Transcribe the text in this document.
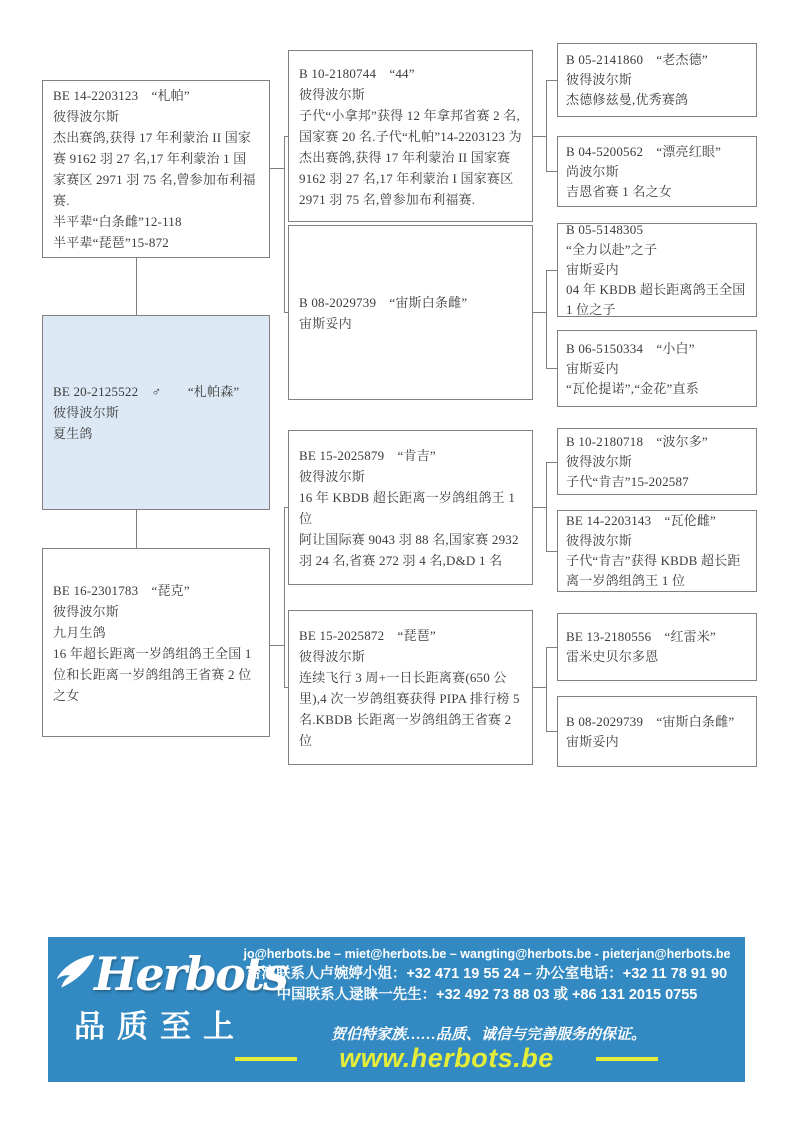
BE 14-2203123　“札帕”
彼得波尔斯
杰出赛鸽,获得 17 年利蒙治 II 国家赛 9162 羽 27 名,17 年利蒙治 1 国家赛区 2971 羽 75 名,曾参加布利福赛.
半平辈“白条雌”12-118
半平辈“琵琶”15-872
BE 20-2125522　♂　　“札帕森”
彼得波尔斯
夏生鸽
BE 16-2301783　“琵克”
彼得波尔斯
九月生鸽
16 年超长距离一岁鸽组鸽王全国 1 位和长距离一岁鸽组鸽王省赛 2 位之女
B 10-2180744　“44”
彼得波尔斯
子代“小拿邦”获得 12 年拿邦省赛 2 名,国家赛 20 名.子代“札帕”14-2203123 为杰出赛鸽,获得 17 年利蒙治 II 国家赛 9162 羽 27 名,17 年利蒙治 I 国家赛区 2971 羽 75 名,曾参加布利福赛.
B 08-2029739　“宙斯白条雌”
宙斯妥内
BE 15-2025879　“肯吉”
彼得波尔斯
16 年 KBDB 超长距离一岁鸽组鸽王 1 位
阿让国际赛 9043 羽 88 名,国家赛 2932 羽 24 名,省赛 272 羽 4 名,D&D 1 名
BE 15-2025872　“琵琶”
彼得波尔斯
连续飞行 3 周+一日长距离赛(650 公里),4 次一岁鸽组赛获得 PIPA 排行榜 5 名.KBDB 长距离一岁鸽组鸽王省赛 2 位
B 05-2141860　“老杰德”
彼得波尔斯
杰德修兹曼,优秀赛鸽
B 04-5200562　“漂亮红眼”
尚波尔斯
吉恩省赛 1 名之女
B 05-5148305
“全力以赴”之子
宙斯妥内
04 年 KBDB 超长距离鸽王全国 1 位之子
B 06-5150334　“小白”
宙斯妥内
“瓦伦提诺”,“金花”直系
B 10-2180718　“波尔多”
彼得波尔斯
子代“肯吉”15-202587
BE 14-2203143　“瓦伦雌”
彼得波尔斯
子代“肯吉”获得 KBDB 超长距离一岁鸽组鸽王 1 位
BE 13-2180556　“红雷米”
雷米史贝尔多恩
B 08-2029739　“宙斯白条雌”
宙斯妥内
Herbots
品质至上
jo@herbots.be – miet@herbots.be – wangting@herbots.be - pieterjan@herbots.be
台湾联系人卢婉婷小姐：+32 471 19 55 24 – 办公室电话：+32 11 78 91 90
中国联系人逯睐一先生：+32 492 73 88 03 或 +86 131 2015 0755
贺伯特家族……品质、诚信与完善服务的保证。
www.herbots.be
